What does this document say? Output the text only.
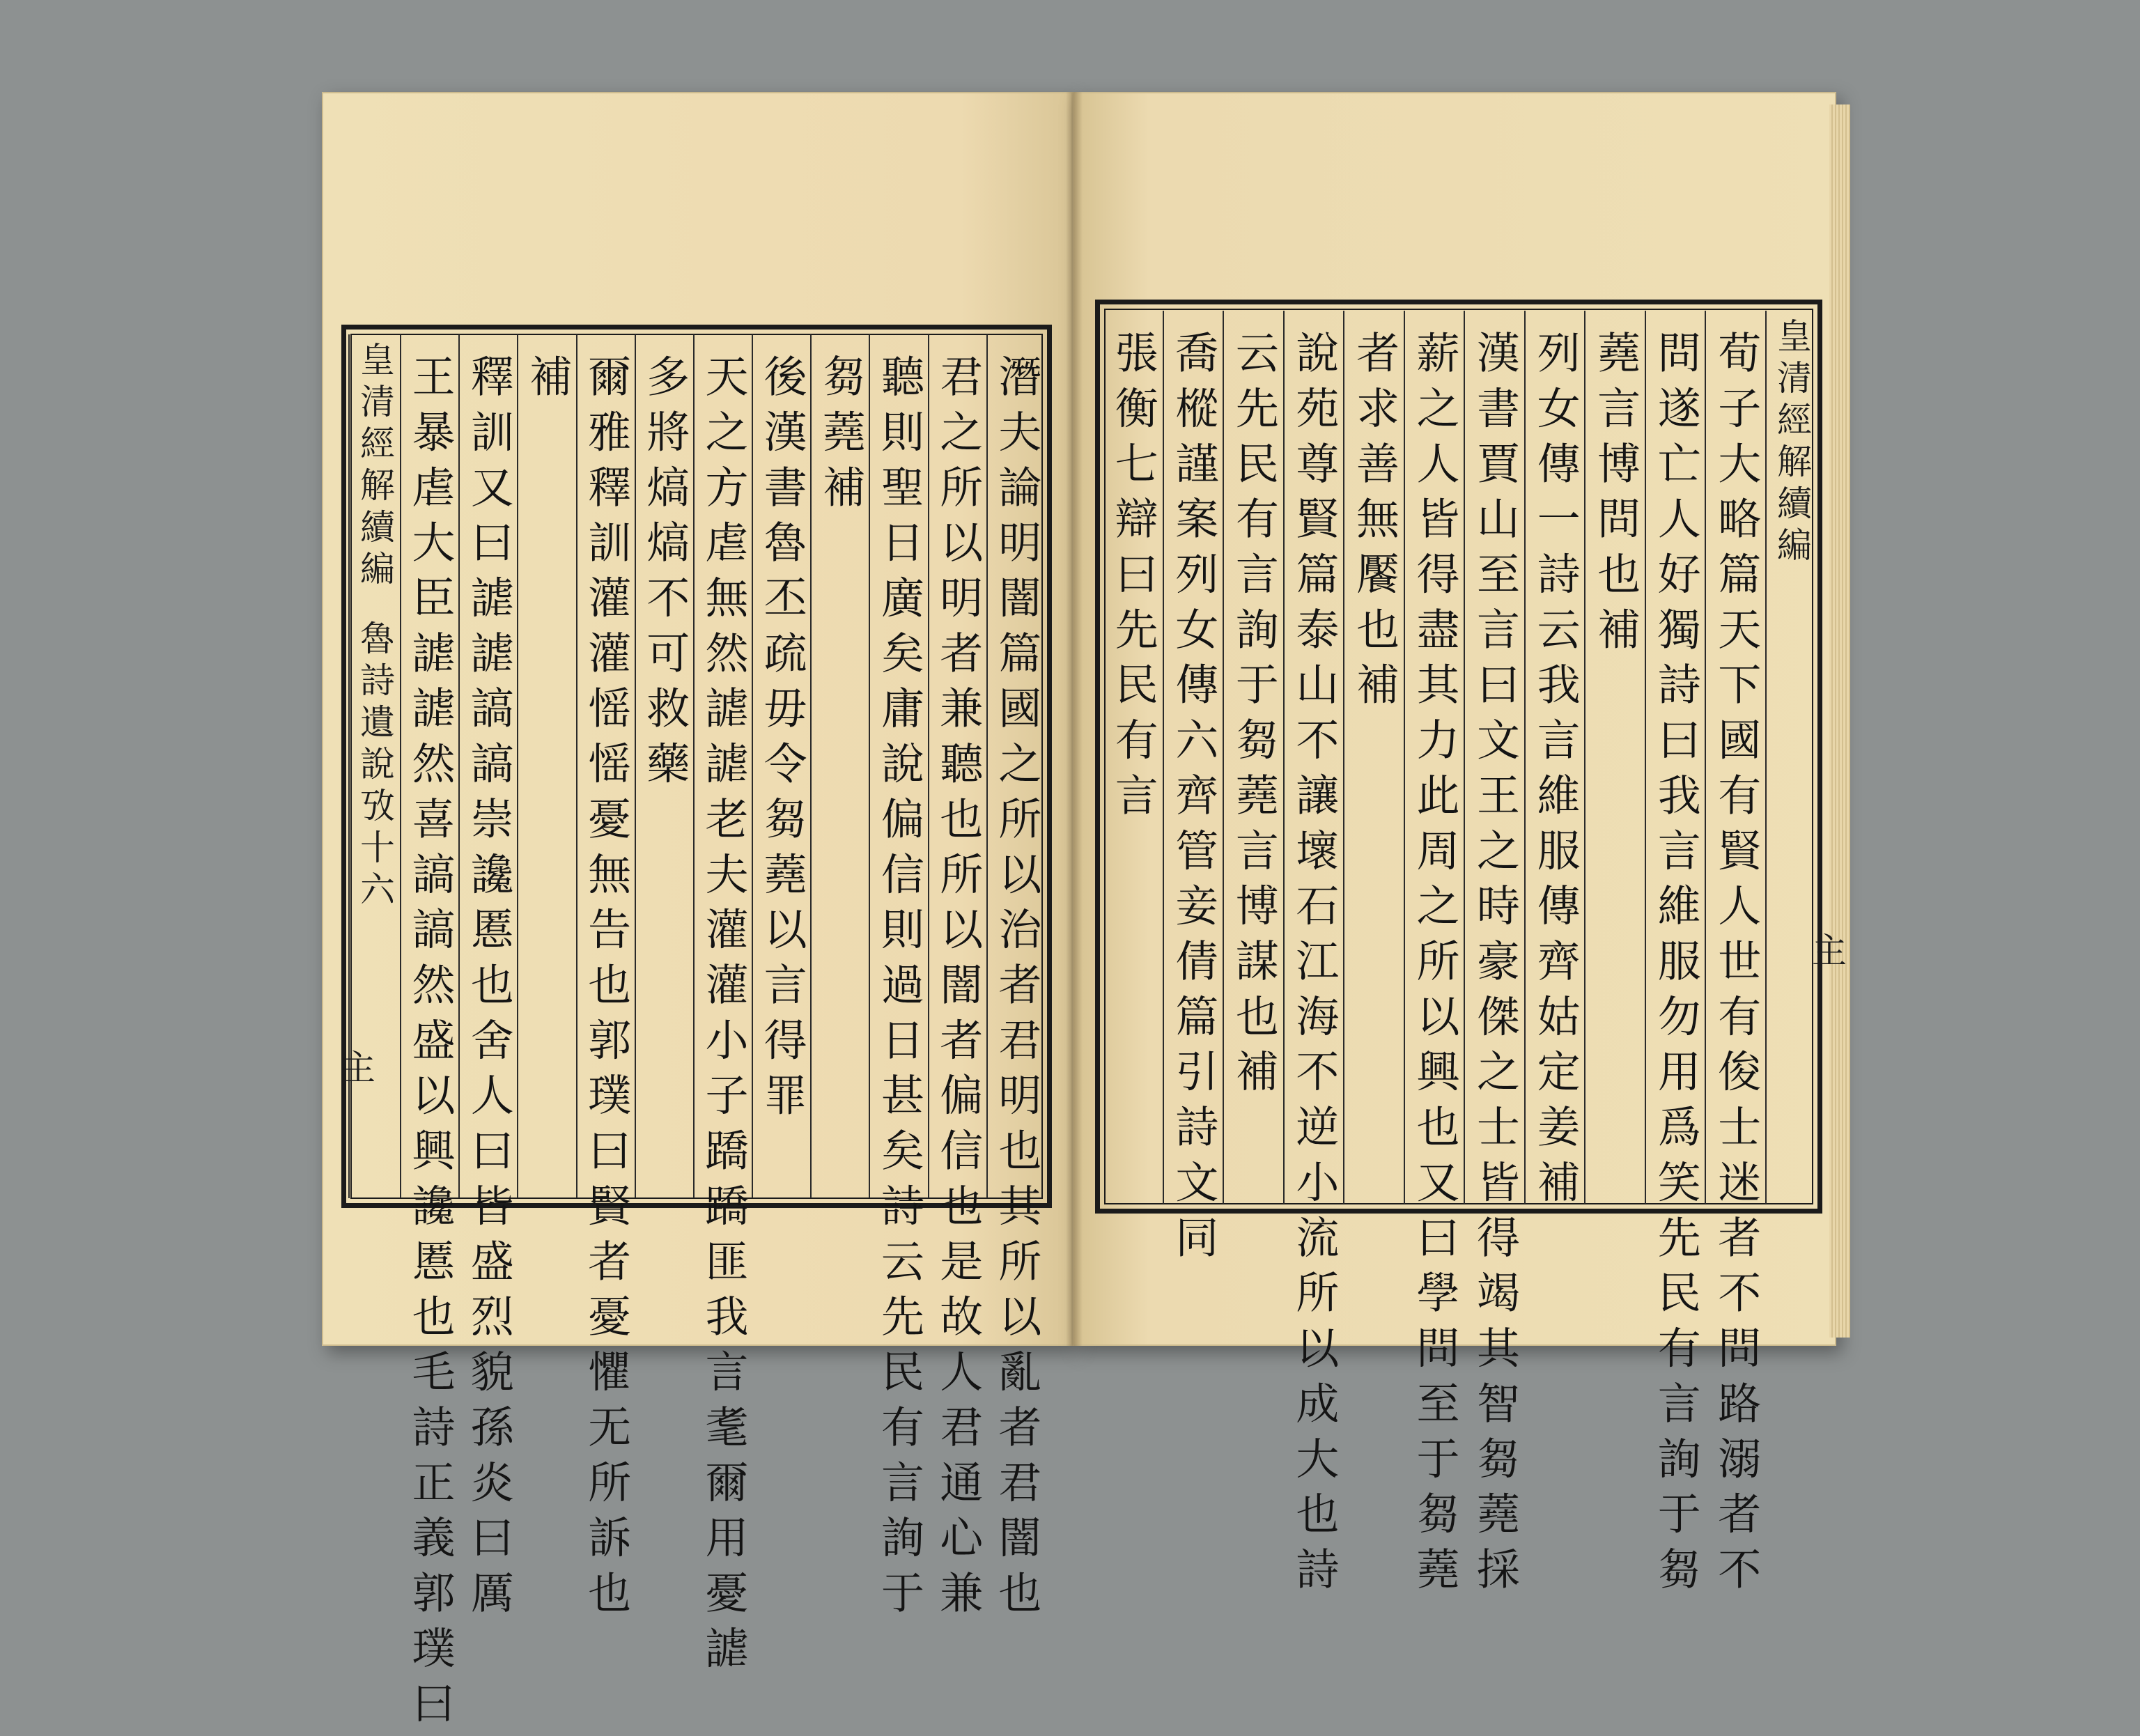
皇清經解續編
荀子大略篇天下國有賢人世有俊士迷者不問路溺者不
問遂亡人好獨詩曰我言維服勿用爲笑先民有言詢于芻
蕘言博問也補
列女傳一詩云我言維服傳齊姑定姜補
漢書賈山至言曰文王之時豪傑之士皆得竭其智芻蕘採
薪之人皆得盡其力此周之所以興也又曰學問至于芻蕘
者求善無饜也補
說苑尊賢篇泰山不讓壞石江海不逆小流所以成大也詩
云先民有言詢于芻蕘言博謀也補
喬樅謹案列女傳六齊管妾倩篇引詩文同
張衡七辯曰先民有言
潛夫論明闇篇國之所以治者君明也其所以亂者君闇也
君之所以明者兼聽也所以闇者偏信也是故人君通心兼
聽則聖日廣矣庸說偏信則過日甚矣詩云先民有言詢于
芻蕘補
後漢書魯丕疏毋令芻蕘以言得罪
天之方虐無然謔謔老夫灌灌小子蹻蹻匪我言耄爾用憂謔
多將熇熇不可救藥
爾雅釋訓灌灌愮愮憂無告也郭璞曰賢者憂懼无所訴也
補
釋訓又曰謔謔謞謞崇讒慝也舍人曰皆盛烈貌孫炎曰厲
王暴虐大臣謔謔然喜謞謞然盛以興讒慝也毛詩正義郭璞曰
皇清經解續編
魯詩遺說攷十六
主
主
